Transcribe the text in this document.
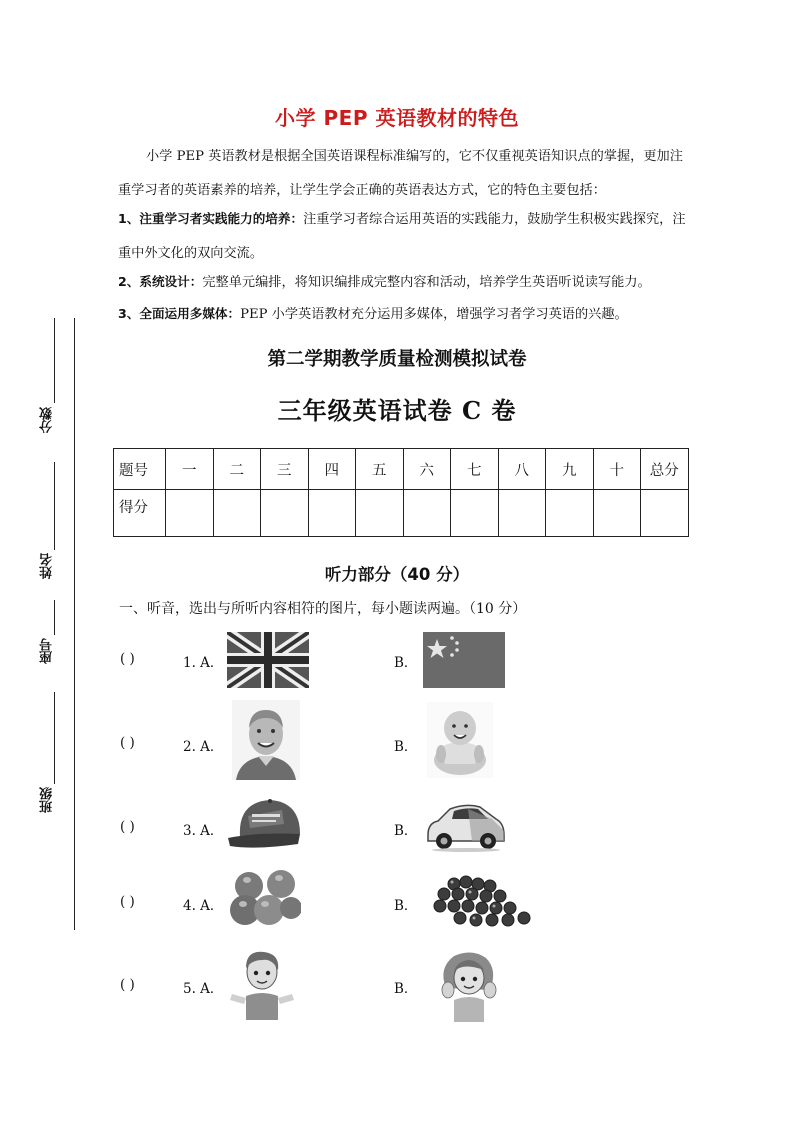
小学 PEP 英语教材的特色
小学 PEP 英语教材是根据全国英语课程标准编写的，它不仅重视英语知识点的掌握，更加注重学习者的英语素养的培养，让学生学会正确的英语表达方式，它的特色主要包括：
1、注重学习者实践能力的培养：注重学习者综合运用英语的实践能力，鼓励学生积极实践探究，注重中外文化的双向交流。
2、系统设计：完整单元编排，将知识编排成完整内容和活动，培养学生英语听说读写能力。
3、全面运用多媒体：PEP 小学英语教材充分运用多媒体，增强学习者学习英语的兴趣。
第二学期教学质量检测模拟试卷
三年级英语试卷 C 卷
题号	一	二	三	四	五	六	七	八	九	十	总分
得分											
分数
姓名
座号
班级
听力部分（40 分）
一、听音，选出与所听内容相符的图片，每小题读两遍。（10 分）
( )	1. A．	B．
( )	2. A．	B．
( )	3. A．	B．
( )	4. A．	B．
( )	5. A．	B．
